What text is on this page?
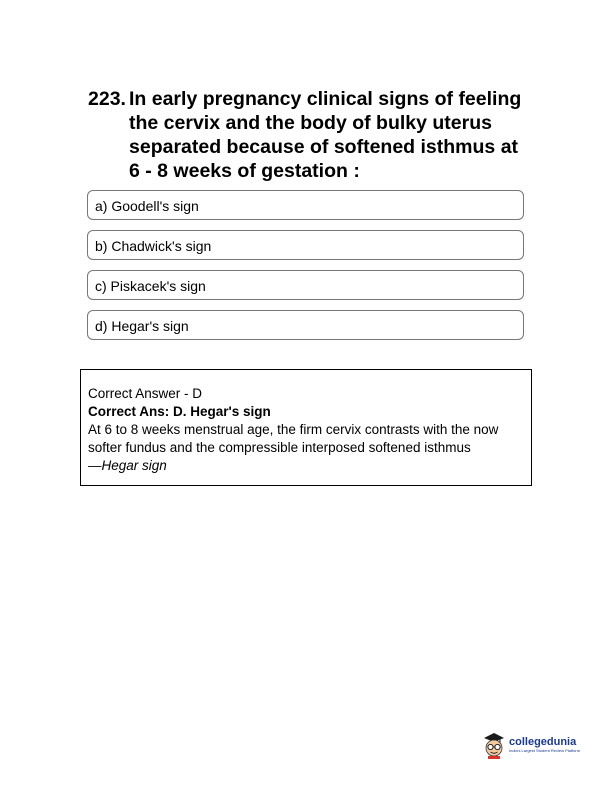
223. In early pregnancy clinical signs of feeling the cervix and the body of bulky uterus separated because of softened isthmus at 6 - 8 weeks of gestation :
a) Goodell's sign
b) Chadwick's sign
c) Piskacek's sign
d) Hegar's sign
Correct Answer - D
Correct Ans: D. Hegar's sign
At 6 to 8 weeks menstrual age, the firm cervix contrasts with the now softer fundus and the compressible interposed softened isthmus
—Hegar sign
collegedunia
India's Largest Student Review Platform
